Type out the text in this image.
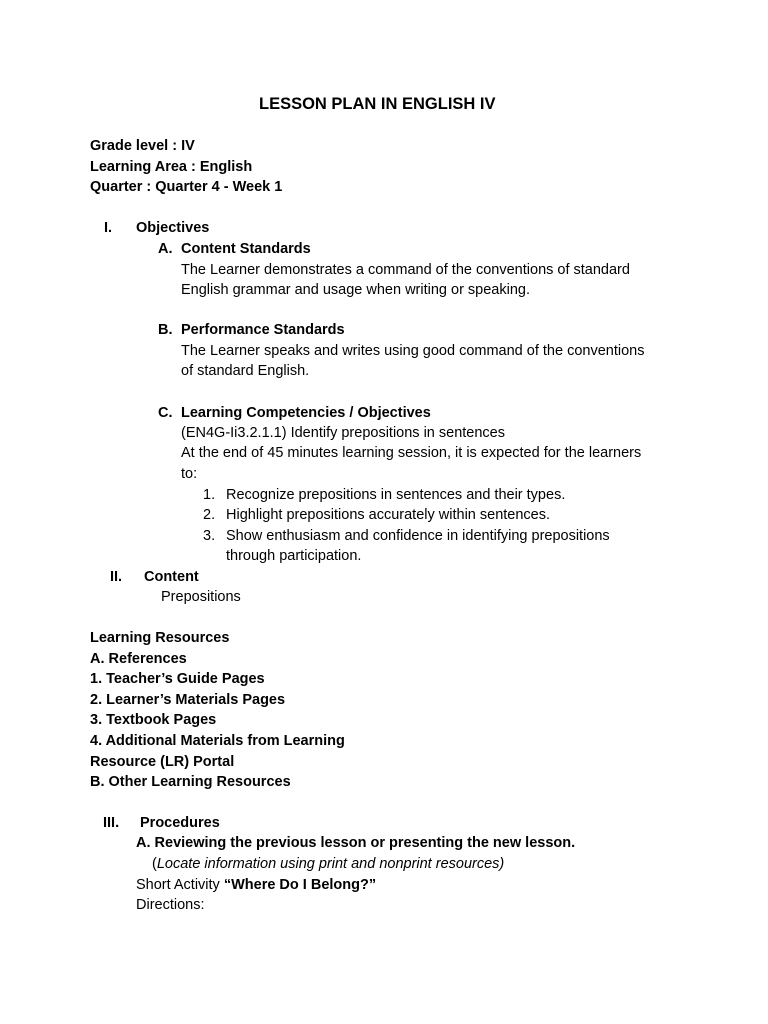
LESSON PLAN IN ENGLISH IV
Grade level : IV
Learning Area : English
Quarter : Quarter 4 - Week 1
I. Objectives
A. Content Standards
The Learner demonstrates a command of the conventions of standard
English grammar and usage when writing or speaking.
B. Performance Standards
The Learner speaks and writes using good command of the conventions
of standard English.
C. Learning Competencies / Objectives
(EN4G-Ii3.2.1.1) Identify prepositions in sentences
At the end of 45 minutes learning session, it is expected for the learners
to:
1. Recognize prepositions in sentences and their types.
2. Highlight prepositions accurately within sentences.
3. Show enthusiasm and confidence in identifying prepositions
through participation.
II. Content
Prepositions
Learning Resources
A. References
1. Teacher’s Guide Pages
2. Learner’s Materials Pages
3. Textbook Pages
4. Additional Materials from Learning
Resource (LR) Portal
B. Other Learning Resources
III. Procedures
A. Reviewing the previous lesson or presenting the new lesson.
(Locate information using print and nonprint resources)
Short Activity “Where Do I Belong?”
Directions:
